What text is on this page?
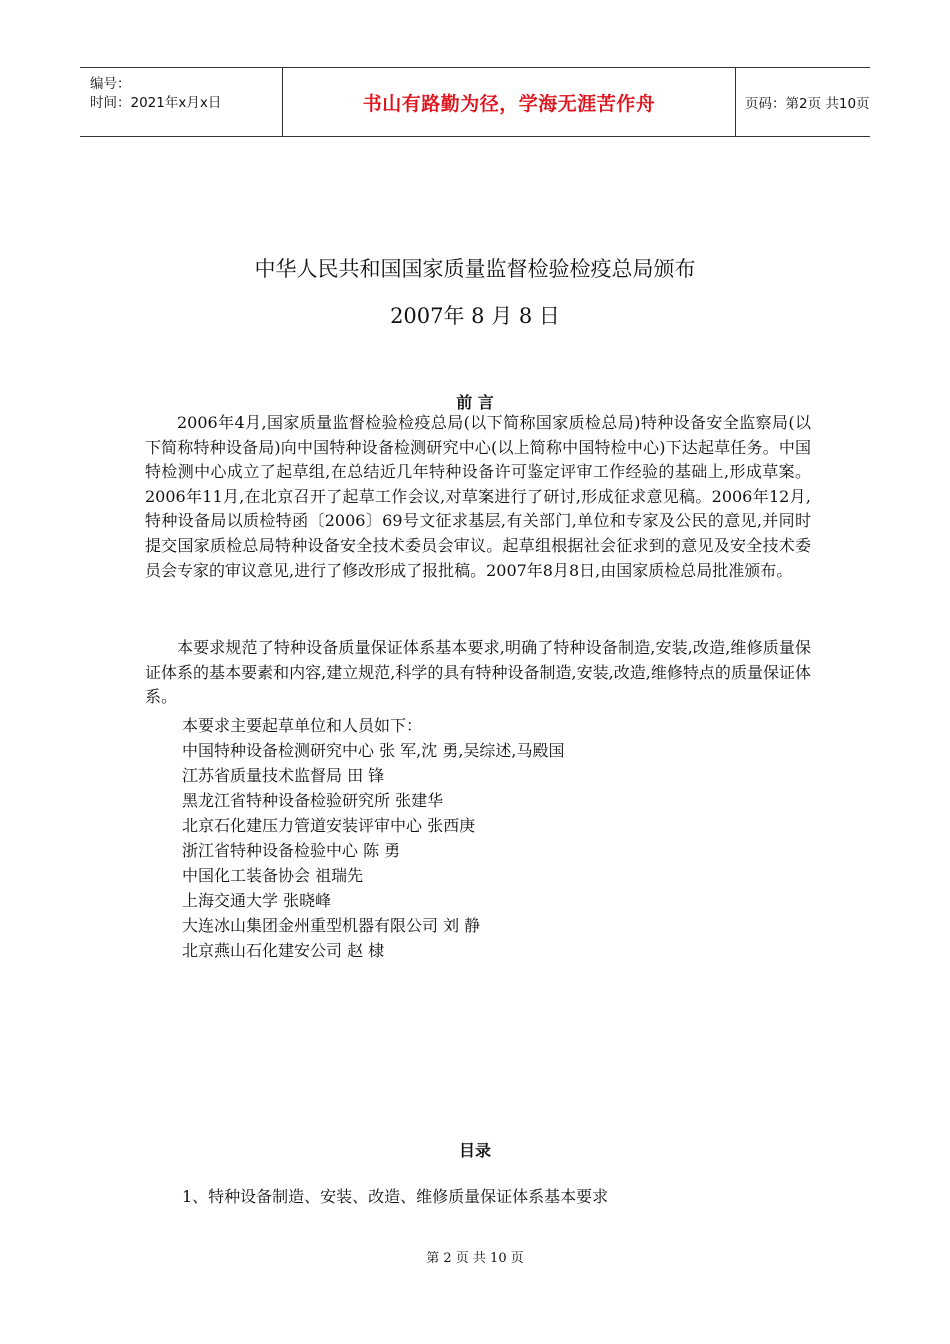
编号：
时间：2021年x月x日	书山有路勤为径，学海无涯苦作舟	页码：第2页 共10页
中华人民共和国国家质量监督检验检疫总局颁布
2007年 8 月 8 日
前 言

2006年4月,国家质量监督检验检疫总局(以下简称国家质检总局)特种设备安全监察局(以下简称特种设备局)向中国特种设备检测研究中心(以上简称中国特检中心)下达起草任务。中国特检测中心成立了起草组,在总结近几年特种设备许可鉴定评审工作经验的基础上,形成草案。2006年11月,在北京召开了起草工作会议,对草案进行了研讨,形成征求意见稿。2006年12月,特种设备局以质检特函〔2006〕69号文征求基层,有关部门,单位和专家及公民的意见,并同时提交国家质检总局特种设备安全技术委员会审议。起草组根据社会征求到的意见及安全技术委员会专家的审议意见,进行了修改形成了报批稿。2007年8月8日,由国家质检总局批准颁布。

本要求规范了特种设备质量保证体系基本要求,明确了特种设备制造,安装,改造,维修质量保证体系的基本要素和内容,建立规范,科学的具有特种设备制造,安装,改造,维修特点的质量保证体系。

本要求主要起草单位和人员如下：
中国特种设备检测研究中心 张 军,沈 勇,吴综述,马殿国
江苏省质量技术监督局 田 锋
黑龙江省特种设备检验研究所 张建华
北京石化建压力管道安装评审中心 张西庚
浙江省特种设备检验中心 陈 勇
中国化工装备协会 祖瑞先
上海交通大学 张晓峰
大连冰山集团金州重型机器有限公司 刘 静
北京燕山石化建安公司 赵 棣
目录
1、特种设备制造、安装、改造、维修质量保证体系基本要求
第 2 页 共 10 页
